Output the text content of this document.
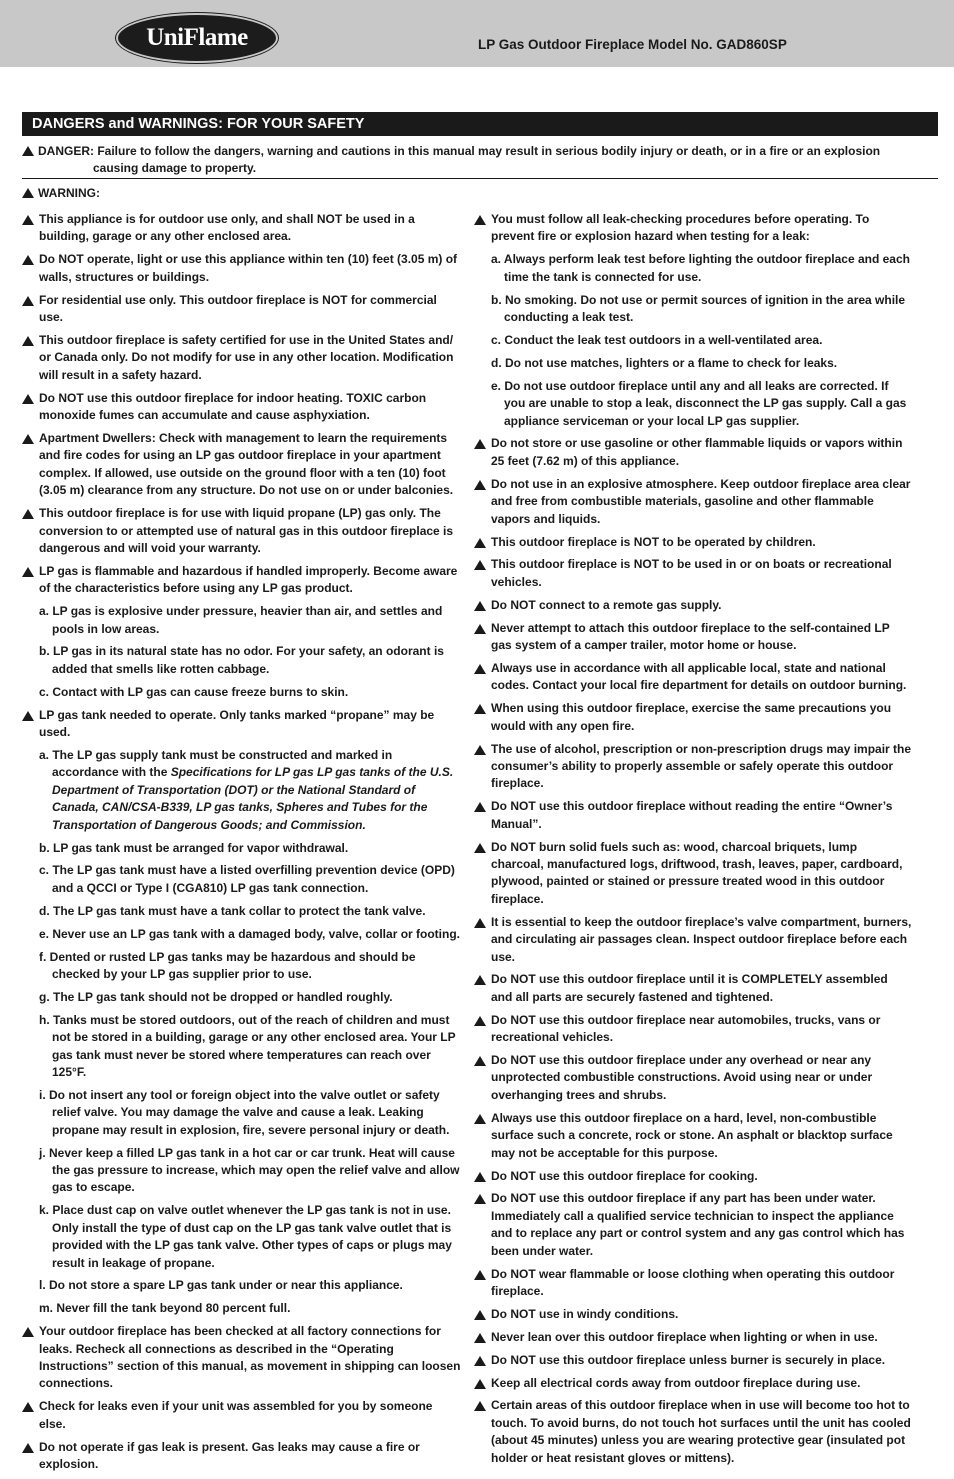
UniFlame	LP Gas Outdoor Fireplace Model No. GAD860SP
DANGERS and WARNINGS: FOR YOUR SAFETY
DANGER: Failure to follow the dangers, warning and cautions in this manual may result in serious bodily injury or death, or in a fire or an explosion
causing damage to property.
WARNING:
This appliance is for outdoor use only, and shall NOT be used in a building, garage or any other enclosed area.
Do NOT operate, light or use this appliance within ten (10) feet (3.05 m) of walls, structures or buildings.
For residential use only. This outdoor fireplace is NOT for commercial use.
This outdoor fireplace is safety certified for use in the United States and/ or Canada only. Do not modify for use in any other location. Modification will result in a safety hazard.
Do NOT use this outdoor fireplace for indoor heating. TOXIC carbon monoxide fumes can accumulate and cause asphyxiation.
Apartment Dwellers: Check with management to learn the requirements and fire codes for using an LP gas outdoor fireplace in your apartment complex. If allowed, use outside on the ground floor with a ten (10) foot (3.05 m) clearance from any structure. Do not use on or under balconies.
This outdoor fireplace is for use with liquid propane (LP) gas only. The conversion to or attempted use of natural gas in this outdoor fireplace is dangerous and will void your warranty.
LP gas is flammable and hazardous if handled improperly. Become aware of the characteristics before using any LP gas product.
a. LP gas is explosive under pressure, heavier than air, and settles and pools in low areas.
b. LP gas in its natural state has no odor. For your safety, an odorant is added that smells like rotten cabbage.
c. Contact with LP gas can cause freeze burns to skin.
LP gas tank needed to operate. Only tanks marked “propane” may be used.
a. The LP gas supply tank must be constructed and marked in accordance with the Specifications for LP gas LP gas tanks of the U.S. Department of Transportation (DOT) or the National Standard of Canada, CAN/CSA-B339, LP gas tanks, Spheres and Tubes for the Transportation of Dangerous Goods; and Commission.
b. LP gas tank must be arranged for vapor withdrawal.
c. The LP gas tank must have a listed overfilling prevention device (OPD) and a QCCI or Type I (CGA810) LP gas tank connection.
d. The LP gas tank must have a tank collar to protect the tank valve.
e. Never use an LP gas tank with a damaged body, valve, collar or footing.
f. Dented or rusted LP gas tanks may be hazardous and should be checked by your LP gas supplier prior to use.
g. The LP gas tank should not be dropped or handled roughly.
h. Tanks must be stored outdoors, out of the reach of children and must not be stored in a building, garage or any other enclosed area. Your LP gas tank must never be stored where temperatures can reach over 125°F.
i. Do not insert any tool or foreign object into the valve outlet or safety relief valve. You may damage the valve and cause a leak. Leaking propane may result in explosion, fire, severe personal injury or death.
j. Never keep a filled LP gas tank in a hot car or car trunk. Heat will cause the gas pressure to increase, which may open the relief valve and allow gas to escape.
k. Place dust cap on valve outlet whenever the LP gas tank is not in use. Only install the type of dust cap on the LP gas tank valve outlet that is provided with the LP gas tank valve. Other types of caps or plugs may result in leakage of propane.
l. Do not store a spare LP gas tank under or near this appliance.
m. Never fill the tank beyond 80 percent full.
Your outdoor fireplace has been checked at all factory connections for leaks. Recheck all connections as described in the “Operating Instructions” section of this manual, as movement in shipping can loosen connections.
Check for leaks even if your unit was assembled for you by someone else.
Do not operate if gas leak is present. Gas leaks may cause a fire or explosion.
You must follow all leak-checking procedures before operating. To prevent fire or explosion hazard when testing for a leak:
a. Always perform leak test before lighting the outdoor fireplace and each time the tank is connected for use.
b. No smoking. Do not use or permit sources of ignition in the area while conducting a leak test.
c. Conduct the leak test outdoors in a well-ventilated area.
d. Do not use matches, lighters or a flame to check for leaks.
e. Do not use outdoor fireplace until any and all leaks are corrected. If you are unable to stop a leak, disconnect the LP gas supply. Call a gas appliance serviceman or your local LP gas supplier.
Do not store or use gasoline or other flammable liquids or vapors within 25 feet (7.62 m) of this appliance.
Do not use in an explosive atmosphere. Keep outdoor fireplace area clear and free from combustible materials, gasoline and other flammable vapors and liquids.
This outdoor fireplace is NOT to be operated by children.
This outdoor fireplace is NOT to be used in or on boats or recreational vehicles.
Do NOT connect to a remote gas supply.
Never attempt to attach this outdoor fireplace to the self-contained LP gas system of a camper trailer, motor home or house.
Always use in accordance with all applicable local, state and national codes. Contact your local fire department for details on outdoor burning.
When using this outdoor fireplace, exercise the same precautions you would with any open fire.
The use of alcohol, prescription or non-prescription drugs may impair the consumer’s ability to properly assemble or safely operate this outdoor fireplace.
Do NOT use this outdoor fireplace without reading the entire “Owner’s Manual”.
Do NOT burn solid fuels such as: wood, charcoal briquets, lump charcoal, manufactured logs, driftwood, trash, leaves, paper, cardboard, plywood, painted or stained or pressure treated wood in this outdoor fireplace.
It is essential to keep the outdoor fireplace’s valve compartment, burners, and circulating air passages clean. Inspect outdoor fireplace before each use.
Do NOT use this outdoor fireplace until it is COMPLETELY assembled and all parts are securely fastened and tightened.
Do NOT use this outdoor fireplace near automobiles, trucks, vans or recreational vehicles.
Do NOT use this outdoor fireplace under any overhead or near any unprotected combustible constructions. Avoid using near or under overhanging trees and shrubs.
Always use this outdoor fireplace on a hard, level, non-combustible surface such a concrete, rock or stone. An asphalt or blacktop surface may not be acceptable for this purpose.
Do NOT use this outdoor fireplace for cooking.
Do NOT use this outdoor fireplace if any part has been under water. Immediately call a qualified service technician to inspect the appliance and to replace any part or control system and any gas control which has been under water.
Do NOT wear flammable or loose clothing when operating this outdoor fireplace.
Do NOT use in windy conditions.
Never lean over this outdoor fireplace when lighting or when in use.
Do NOT use this outdoor fireplace unless burner is securely in place.
Keep all electrical cords away from outdoor fireplace during use.
Certain areas of this outdoor fireplace when in use will become too hot to touch. To avoid burns, do not touch hot surfaces until the unit has cooled (about 45 minutes) unless you are wearing protective gear (insulated pot holder or heat resistant gloves or mittens).
